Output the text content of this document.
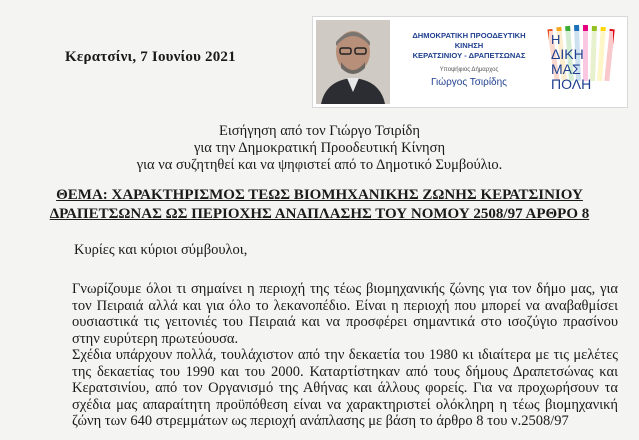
Κερατσίνι, 7 Ιουνίου 2021
ΔΗΜΟΚΡΑΤΙΚΗ ΠΡΟΟΔΕΥΤΙΚΗ ΚΙΝΗΣΗ
ΚΕΡΑΤΣΙΝΙΟΥ - ΔΡΑΠΕΤΣΩΝΑΣ
Υποψήφιος Δήμαρχος
Γιώργος Τσιρίδης
Η
ΔΙΚΗ
ΜΑΣ
ΠΟΛΗ
Εισήγηση από τον Γιώργο Τσιρίδη
για την Δημοκρατική Προοδευτική Κίνηση
για να συζητηθεί και να ψηφιστεί από το Δημοτικό Συμβούλιο.
ΘΕΜΑ: ΧΑΡΑΚΤΗΡΙΣΜΟΣ ΤΕΩΣ ΒΙΟΜΗΧΑΝΙΚΗΣ ΖΩΝΗΣ ΚΕΡΑΤΣΙΝΙΟΥ
ΔΡΑΠΕΤΣΩΝΑΣ ΩΣ ΠΕΡΙΟΧΗΣ ΑΝΑΠΛΑΣΗΣ ΤΟΥ ΝΟΜΟΥ 2508/97 ΑΡΘΡΟ 8
Κυρίες και κύριοι σύμβουλοι,
Γνωρίζουμε όλοι τι σημαίνει η περιοχή της τέως βιομηχανικής ζώνης για τον δήμο μας, για τον Πειραιά αλλά και για όλο το λεκανοπέδιο. Είναι η περιοχή που μπορεί να αναβαθμίσει ουσιαστικά τις γειτονιές του Πειραιά και να προσφέρει σημαντικά στο ισοζύγιο πρασίνου στην ευρύτερη πρωτεύουσα.
Σχέδια υπάρχουν πολλά, τουλάχιστον από την δεκαετία του 1980 κι ιδιαίτερα με τις μελέτες της δεκαετίας του 1990 και του 2000. Καταρτίστηκαν από τους δήμους Δραπετσώνας και Κερατσινίου, από τον Οργανισμό της Αθήνας και άλλους φορείς. Για να προχωρήσουν τα σχέδια μας απαραίτητη προϋπόθεση είναι να χαρακτηριστεί ολόκληρη η τέως βιομηχανική ζώνη των 640 στρεμμάτων ως περιοχή ανάπλασης με βάση το άρθρο 8 του ν.2508/97
